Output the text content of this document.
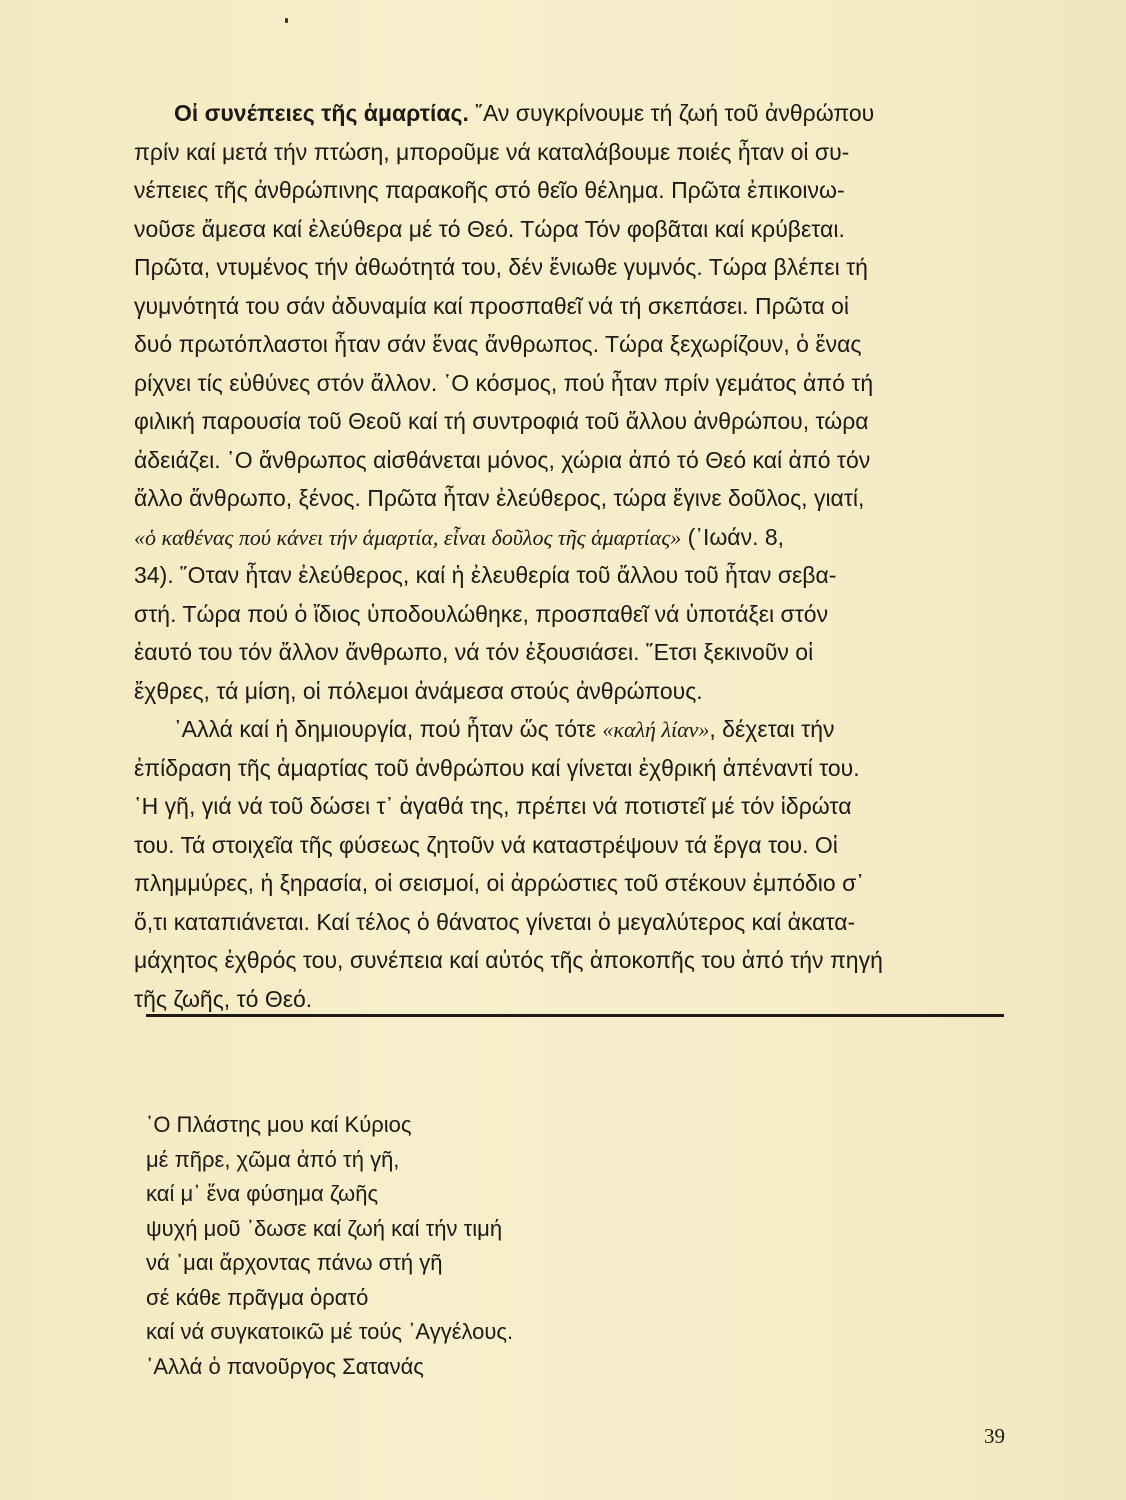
Οἱ συνέπειες τῆς ἁμαρτίας. ῎Αν συγκρίνουμε τή ζωή τοῦ ἀνθρώπου
πρίν καί μετά τήν πτώση, μποροῦμε νά καταλάβουμε ποιές ἦταν οἱ συ-
νέπειες τῆς ἀνθρώπινης παρακοῆς στό θεῖο θέλημα. Πρῶτα ἐπικοινω-
νοῦσε ἄμεσα καί ἐλεύθερα μέ τό Θεό. Τώρα Τόν φοβᾶται καί κρύβεται.
Πρῶτα, ντυμένος τήν ἀθωότητά του, δέν ἔνιωθε γυμνός. Τώρα βλέπει τή
γυμνότητά του σάν ἀδυναμία καί προσπαθεῖ νά τή σκεπάσει. Πρῶτα οἱ
δυό πρωτόπλαστοι ἦταν σάν ἕνας ἄνθρωπος. Τώρα ξεχωρίζουν, ὁ ἕνας
ρίχνει τίς εὐθύνες στόν ἄλλον. ῾Ο κόσμος, πού ἦταν πρίν γεμάτος ἀπό τή
φιλική παρουσία τοῦ Θεοῦ καί τή συντροφιά τοῦ ἄλλου ἀνθρώπου, τώρα
ἀδειάζει. ῾Ο ἄνθρωπος αἰσθάνεται μόνος, χώρια ἀπό τό Θεό καί ἀπό τόν
ἄλλο ἄνθρωπο, ξένος. Πρῶτα ἦταν ἐλεύθερος, τώρα ἔγινε δοῦλος, γιατί,
«ὁ καθένας πού κάνει τήν ἁμαρτία, εἶναι δοῦλος τῆς ἁμαρτίας» (᾽Ιωάν. 8,
34). ῞Οταν ἦταν ἐλεύθερος, καί ἡ ἐλευθερία τοῦ ἄλλου τοῦ ἦταν σεβα-
στή. Τώρα πού ὁ ἴδιος ὑποδουλώθηκε, προσπαθεῖ νά ὑποτάξει στόν
ἑαυτό του τόν ἄλλον ἄνθρωπο, νά τόν ἐξουσιάσει. ῞Ετσι ξεκινοῦν οἱ
ἔχθρες, τά μίση, οἱ πόλεμοι ἀνάμεσα στούς ἀνθρώπους.
᾽Αλλά καί ἡ δημιουργία, πού ἦταν ὥς τότε «καλή λίαν», δέχεται τήν
ἐπίδραση τῆς ἁμαρτίας τοῦ ἀνθρώπου καί γίνεται ἐχθρική ἀπέναντί του.
῾Η γῆ, γιά νά τοῦ δώσει τ᾽ ἀγαθά της, πρέπει νά ποτιστεῖ μέ τόν ἱδρώτα
του. Τά στοιχεῖα τῆς φύσεως ζητοῦν νά καταστρέψουν τά ἔργα του. Οἱ
πλημμύρες, ἡ ξηρασία, οἱ σεισμοί, οἱ ἀρρώστιες τοῦ στέκουν ἐμπόδιο σ᾽
ὅ,τι καταπιάνεται. Καί τέλος ὁ θάνατος γίνεται ὁ μεγαλύτερος καί ἀκατα-
μάχητος ἐχθρός του, συνέπεια καί αὐτός τῆς ἀποκοπῆς του ἀπό τήν πηγή
τῆς ζωῆς, τό Θεό.
῾Ο Πλάστης μου καί Κύριος
μέ πῆρε, χῶμα ἀπό τή γῆ,
καί μ᾽ ἕνα φύσημα ζωῆς
ψυχή μοῦ ᾽δωσε καί ζωή καί τήν τιμή
νά ᾽μαι ἄρχοντας πάνω στή γῆ
σέ κάθε πρᾶγμα ὁρατό
καί νά συγκατοικῶ μέ τούς ᾽Αγγέλους.
᾽Αλλά ὁ πανοῦργος Σατανάς
39
